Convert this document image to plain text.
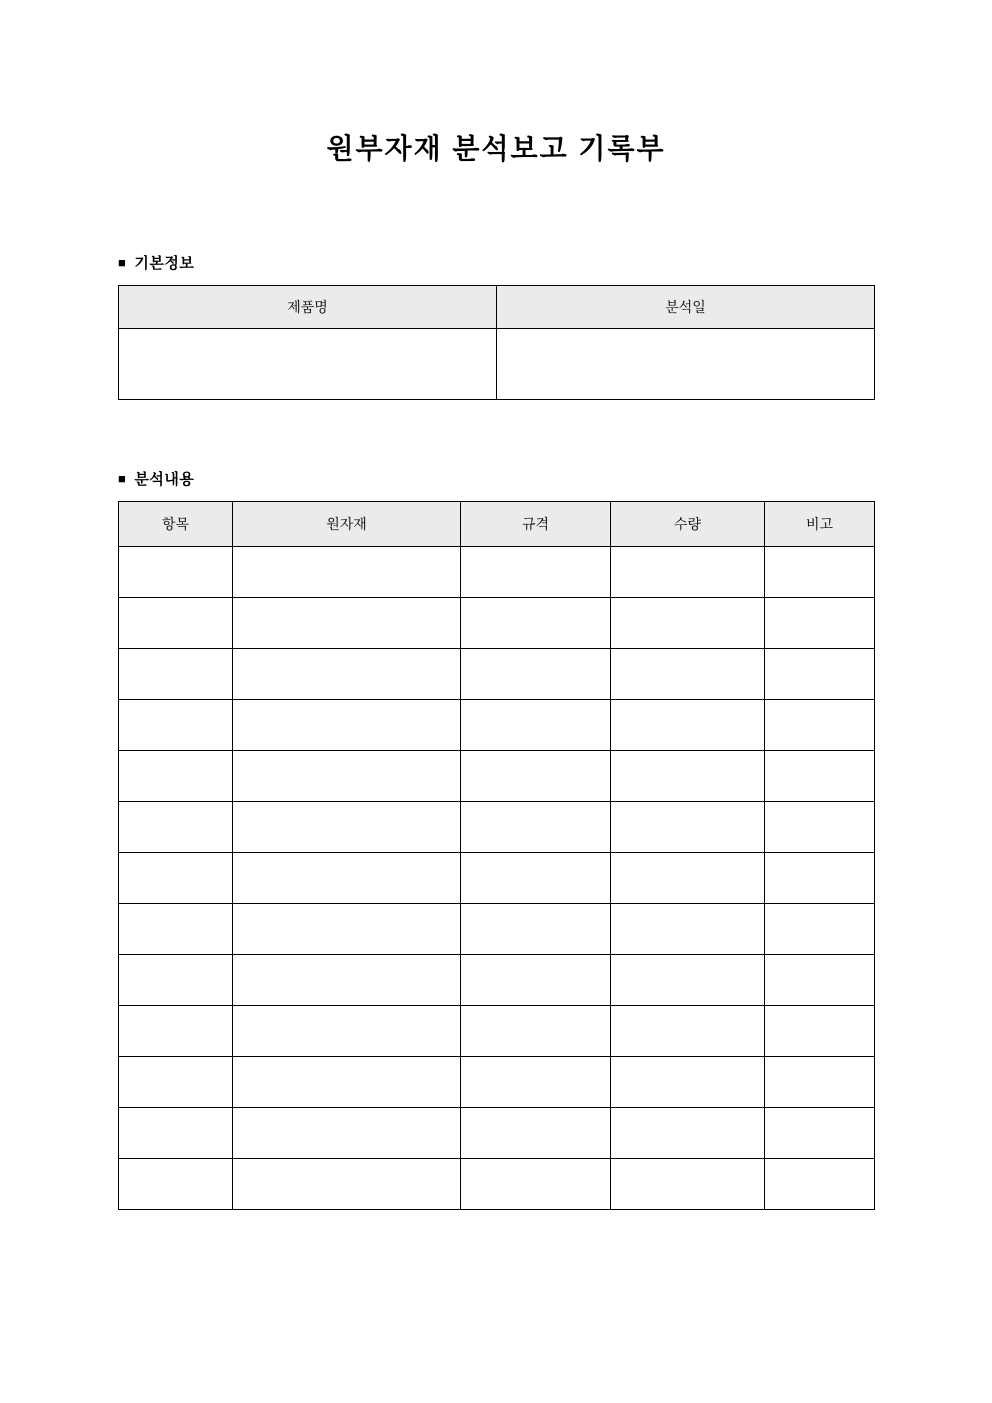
원부자재 분석보고 기록부
■ 기본정보
제품명	분석일

■ 분석내용
항목	원자재	규격	수량	비고
